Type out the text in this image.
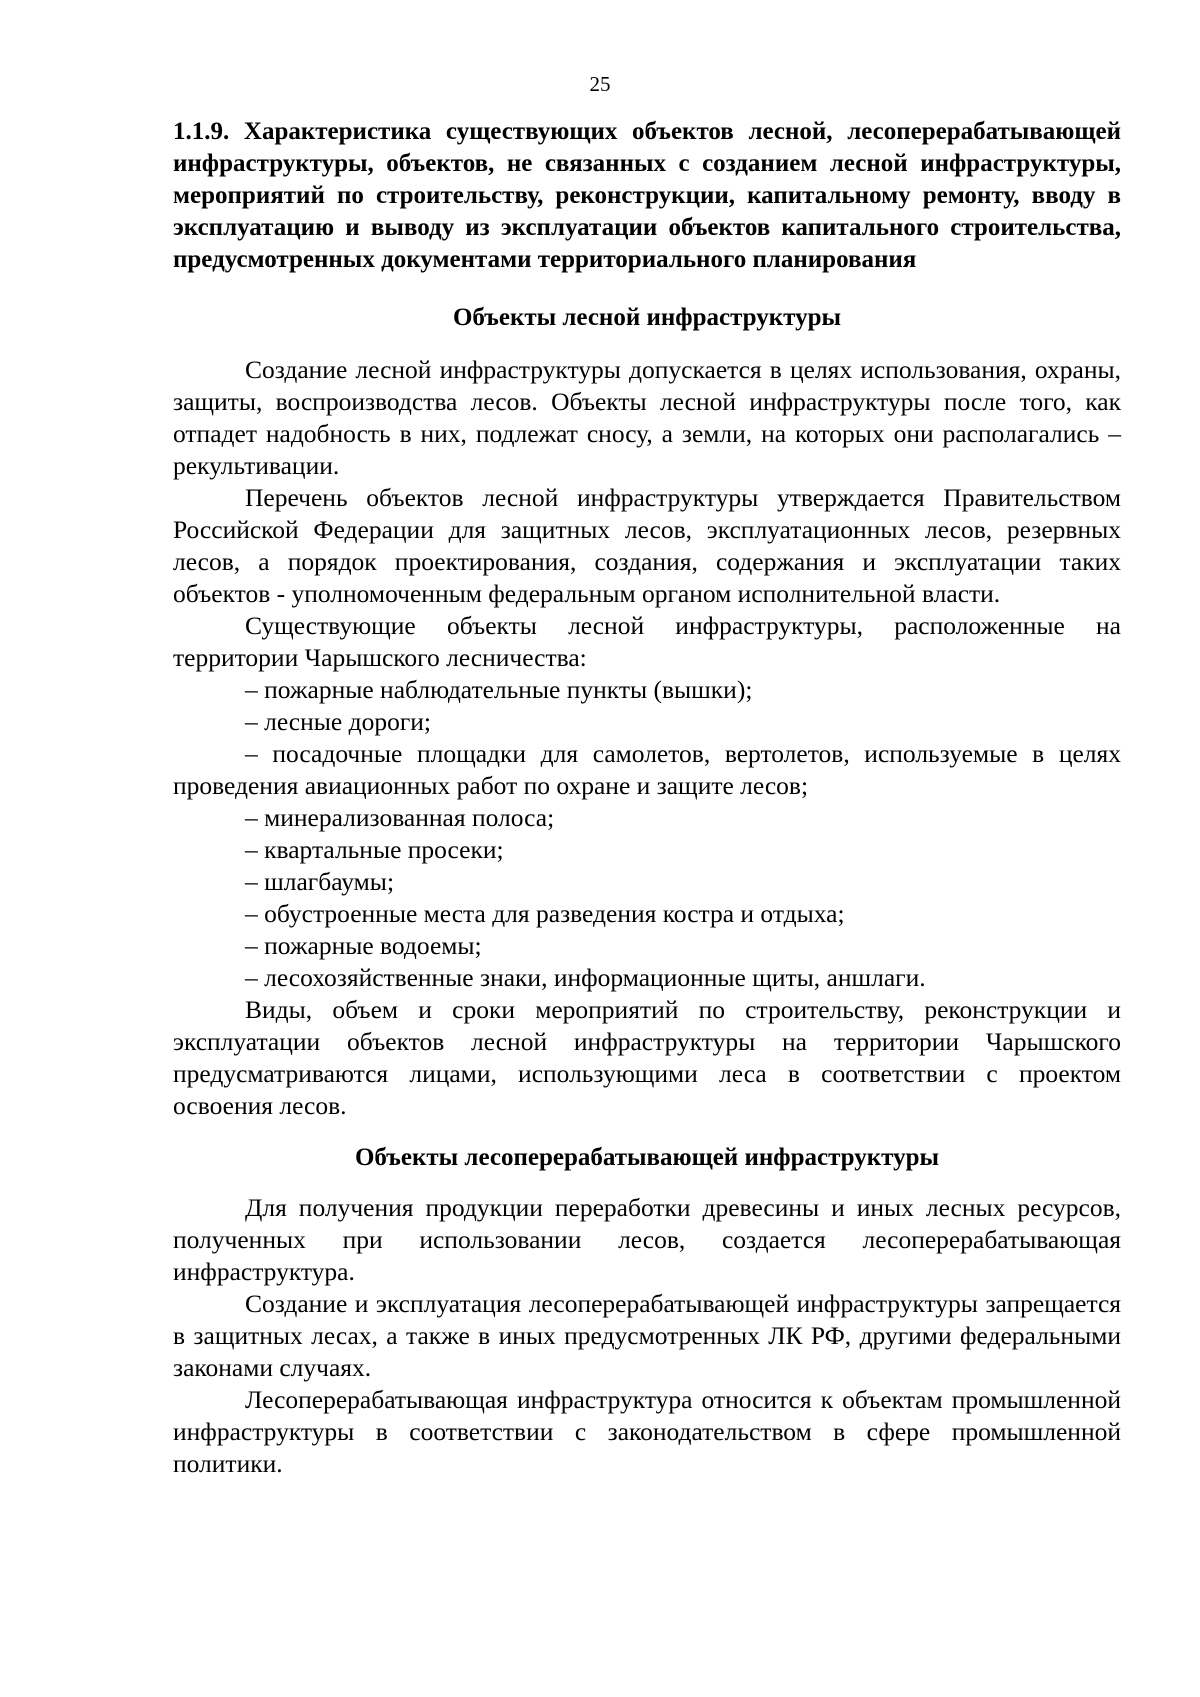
25
1.1.9. Характеристика существующих объектов лесной, лесоперерабатывающей инфраструктуры, объектов, не связанных с созданием лесной инфраструктуры, мероприятий по строительству, реконструкции, капитальному ремонту, вводу в эксплуатацию и выводу из эксплуатации объектов капитального строительства, предусмотренных документами территориального планирования
Объекты лесной инфраструктуры

Создание лесной инфраструктуры допускается в целях использования, охраны, защиты, воспроизводства лесов. Объекты лесной инфраструктуры после того, как отпадет надобность в них, подлежат сносу, а земли, на которых они располагались – рекультивации.

Перечень объектов лесной инфраструктуры утверждается Правительством Российской Федерации для защитных лесов, эксплуатационных лесов, резервных лесов, а порядок проектирования, создания, содержания и эксплуатации таких объектов - уполномоченным федеральным органом исполнительной власти.

Существующие объекты лесной инфраструктуры, расположенные на территории Чарышского лесничества:

– пожарные наблюдательные пункты (вышки);

– лесные дороги;

– посадочные площадки для самолетов, вертолетов, используемые в целях проведения авиационных работ по охране и защите лесов;

– минерализованная полоса;

– квартальные просеки;

– шлагбаумы;

– обустроенные места для разведения костра и отдыха;

– пожарные водоемы;

– лесохозяйственные знаки, информационные щиты, аншлаги.

Виды, объем и сроки мероприятий по строительству, реконструкции и эксплуатации объектов лесной инфраструктуры на территории Чарышского предусматриваются лицами, использующими леса в соответствии с проектом освоения лесов.

Объекты лесоперерабатывающей инфраструктуры

Для получения продукции переработки древесины и иных лесных ресурсов, полученных при использовании лесов, создается лесоперерабатывающая инфраструктура.

Создание и эксплуатация лесоперерабатывающей инфраструктуры запрещается в защитных лесах, а также в иных предусмотренных ЛК РФ, другими федеральными законами случаях.

Лесоперерабатывающая инфраструктура относится к объектам промышленной инфраструктуры в соответствии с законодательством в сфере промышленной политики.
